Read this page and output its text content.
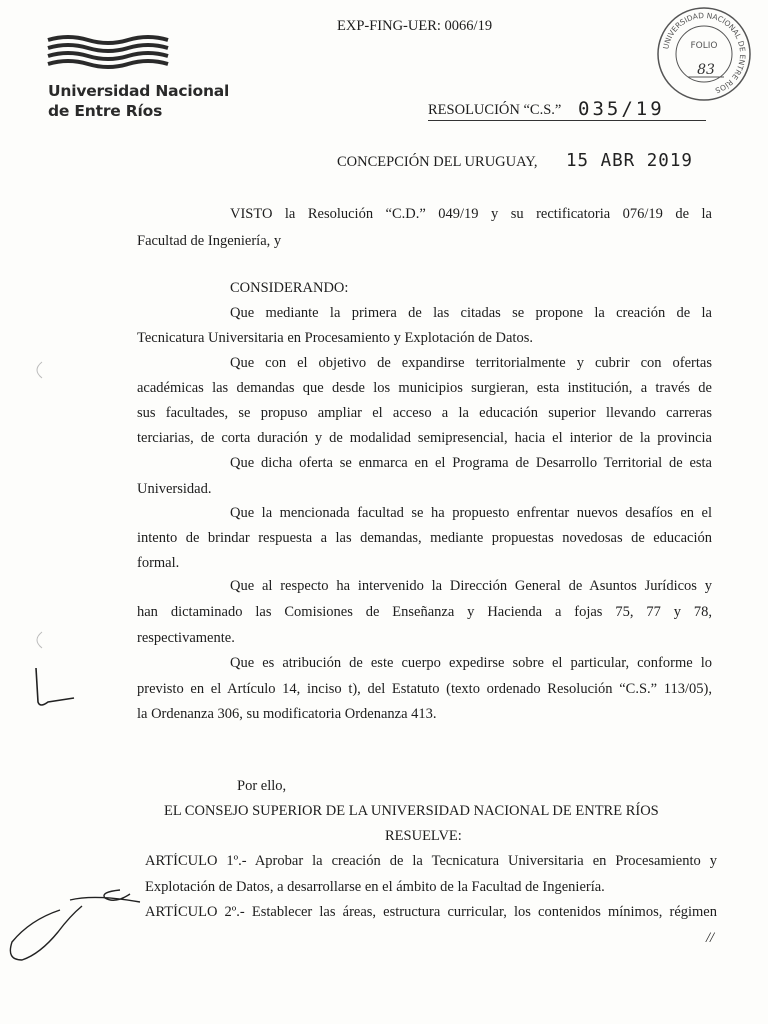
Universidad Nacional
de Entre Ríos
EXP-FING-UER: 0066/19
UNIVERSIDAD NACIONAL DE ENTRE RÍOS
FOLIO
83
RESOLUCIÓN “C.S.” 035/19
CONCEPCIÓN DEL URUGUAY, 15 ABR 2019
VISTO la Resolución “C.D.” 049/19 y su rectificatoria 076/19 de la
Facultad de Ingeniería, y
CONSIDERANDO:
Que mediante la primera de las citadas se propone la creación de la
Tecnicatura Universitaria en Procesamiento y Explotación de Datos.
Que con el objetivo de expandirse territorialmente y cubrir con ofertas
académicas las demandas que desde los municipios surgieran, esta institución, a través de
sus facultades, se propuso ampliar el acceso a la educación superior llevando carreras
terciarias, de corta duración y de modalidad semipresencial, hacia el interior de la provincia
Que dicha oferta se enmarca en el Programa de Desarrollo Territorial de esta
Universidad.
Que la mencionada facultad se ha propuesto enfrentar nuevos desafíos en el
intento de brindar respuesta a las demandas, mediante propuestas novedosas de educación
formal.
Que al respecto ha intervenido la Dirección General de Asuntos Jurídicos y
han dictaminado las Comisiones de Enseñanza y Hacienda a fojas 75, 77 y 78,
respectivamente.
Que es atribución de este cuerpo expedirse sobre el particular, conforme lo
previsto en el Artículo 14, inciso t), del Estatuto (texto ordenado Resolución “C.S.” 113/05),
la Ordenanza 306, su modificatoria Ordenanza 413.
Por ello,
EL CONSEJO SUPERIOR DE LA UNIVERSIDAD NACIONAL DE ENTRE RÍOS
RESUELVE:
ARTÍCULO 1º.- Aprobar la creación de la Tecnicatura Universitaria en Procesamiento y
Explotación de Datos, a desarrollarse en el ámbito de la Facultad de Ingeniería.
ARTÍCULO 2º.- Establecer las áreas, estructura curricular, los contenidos mínimos, régimen
//
